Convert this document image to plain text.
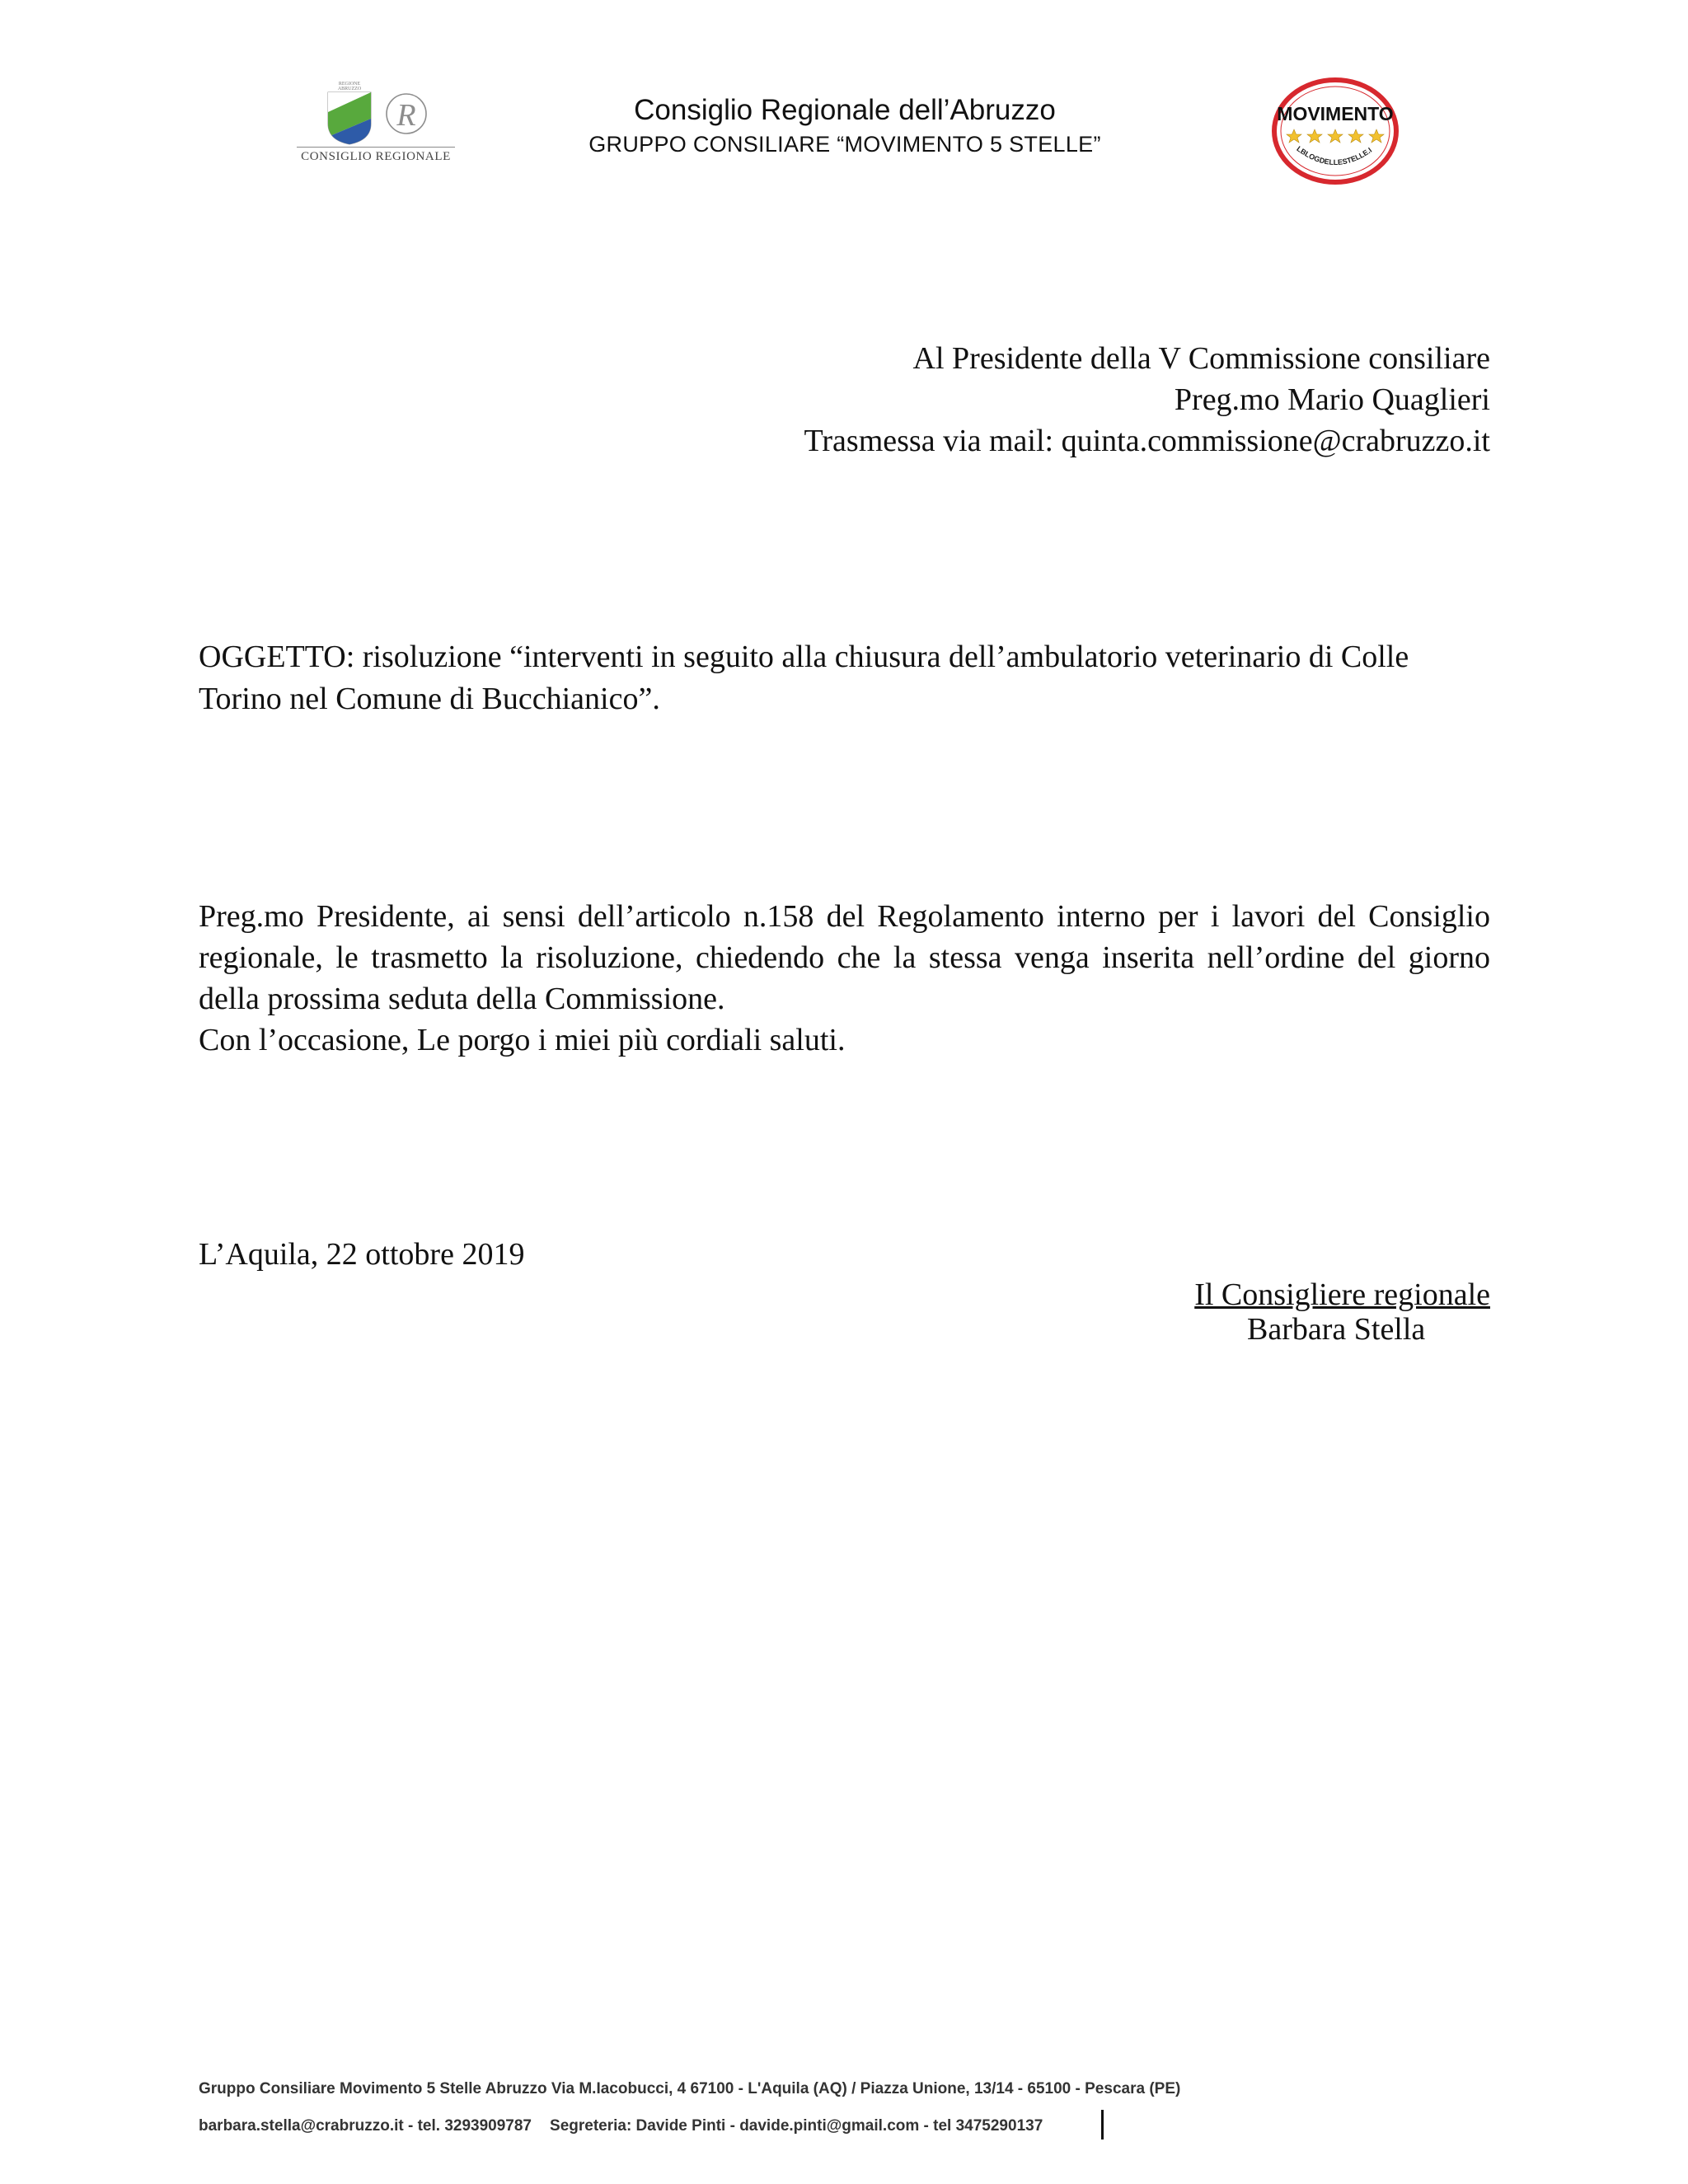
REGIONE
ABRUZZO
R
CONSIGLIO REGIONALE
Consiglio Regionale dell’Abruzzo
GRUPPO CONSILIARE “MOVIMENTO 5 STELLE”
MOVIMENTO
LBLOGDELLESTELLE.I
Al Presidente della V Commissione consiliare
Preg.mo Mario Quaglieri
Trasmessa via mail: quinta.commissione@crabruzzo.it
OGGETTO: risoluzione “interventi in seguito alla chiusura dell’ambulatorio veterinario di Colle Torino nel Comune di Bucchianico”.

Preg.mo Presidente, ai sensi dell’articolo n.158 del Regolamento interno per i lavori del Consiglio regionale, le trasmetto la risoluzione, chiedendo che la stessa venga inserita nell’ordine del giorno della prossima seduta della Commissione.

Con l’occasione, Le porgo i miei più cordiali saluti.

L’Aquila, 22 ottobre 2019
Il Consigliere regionale
Barbara Stella
Gruppo Consiliare Movimento 5 Stelle Abruzzo Via M.Iacobucci, 4 67100 - L'Aquila (AQ) / Piazza Unione, 13/14 - 65100 - Pescara (PE)
barbara.stella@crabruzzo.it - tel. 3293909787 Segreteria: Davide Pinti - davide.pinti@gmail.com - tel 3475290137
